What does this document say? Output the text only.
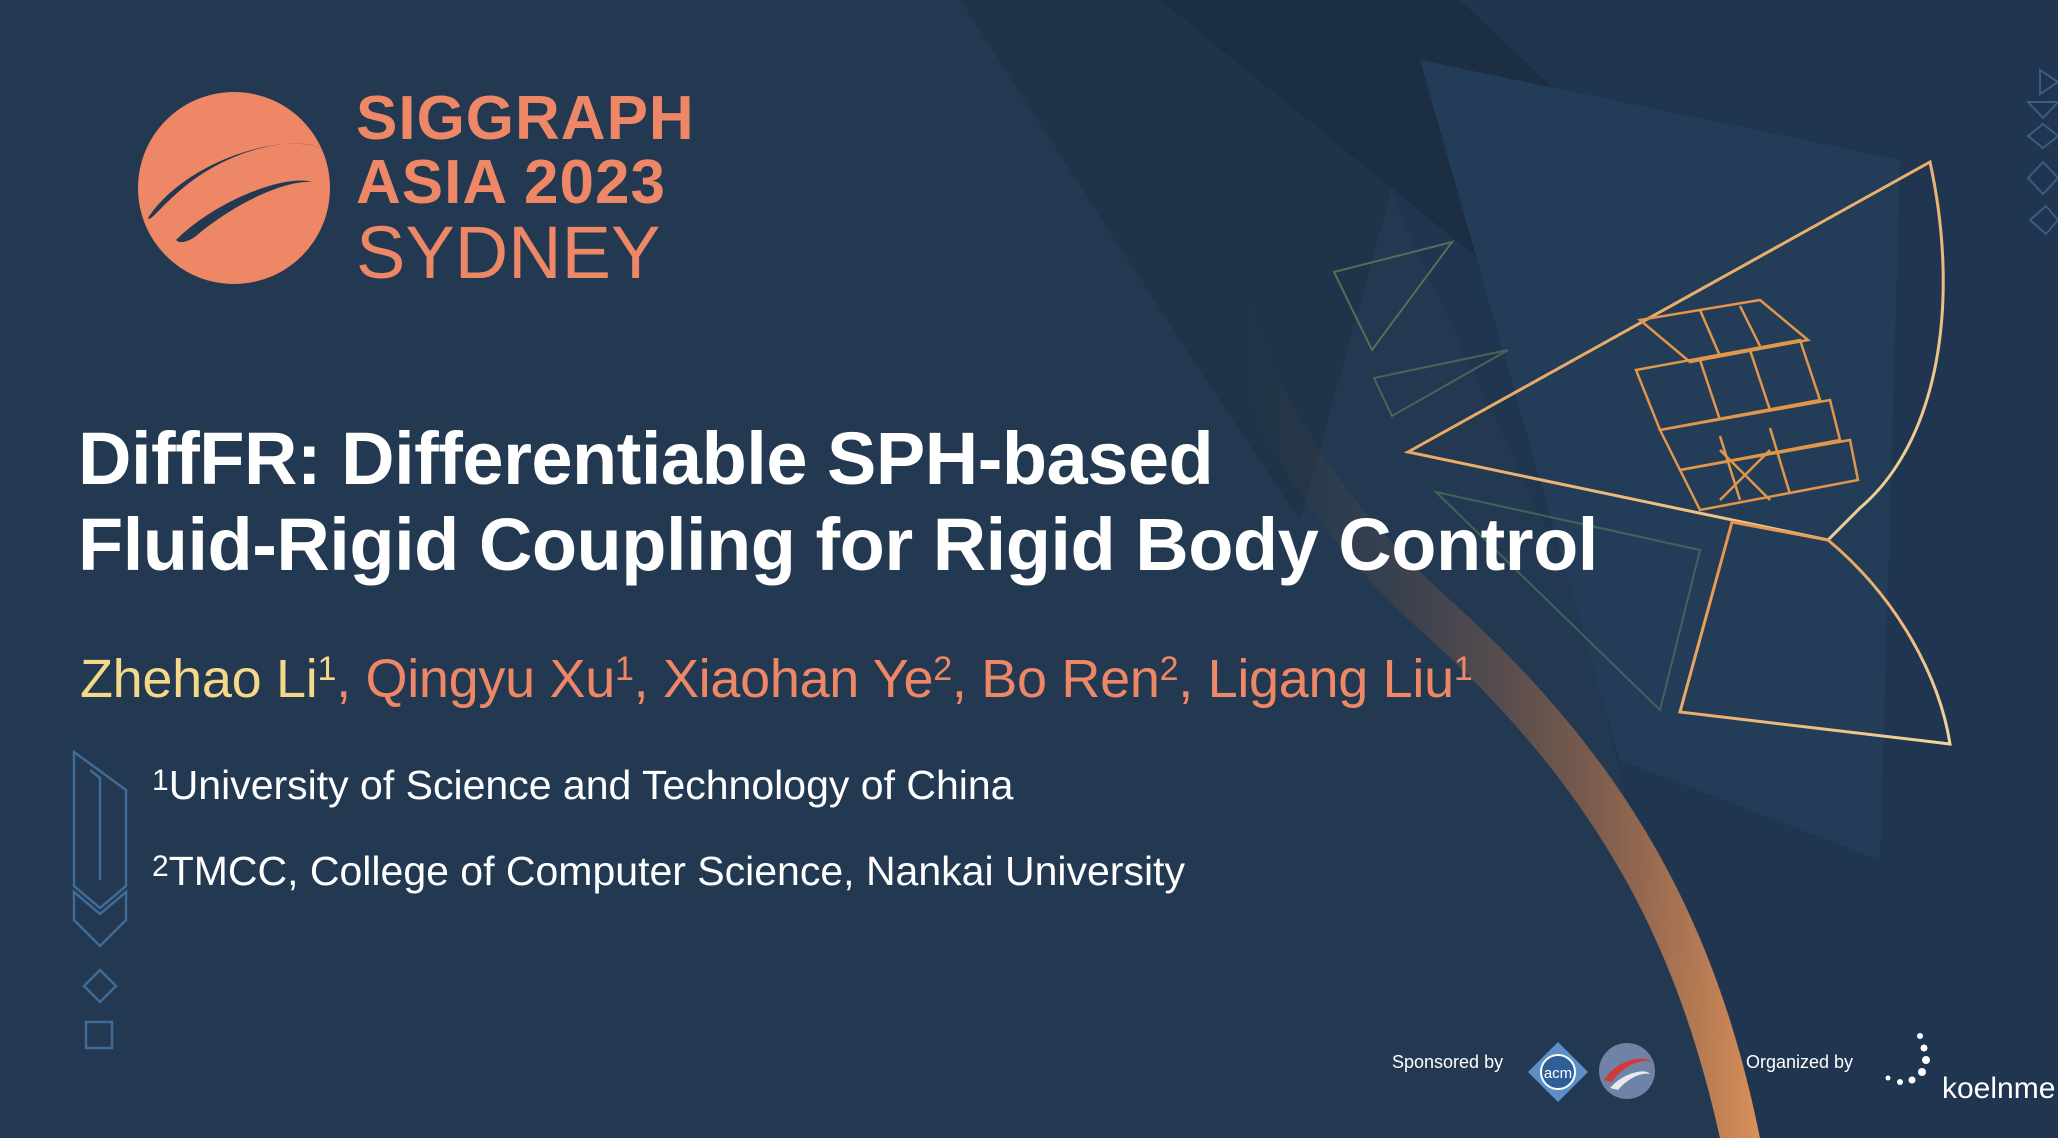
SIGGRAPH
ASIA 2023
SYDNEY
DiffFR: Differentiable SPH-based
Fluid-Rigid Coupling for Rigid Body Control
Zhehao Li$^1$, Qingyu Xu$^1$, Xiaohan Ye$^2$, Bo Ren$^2$, Ligang Liu$^1$
$^1$University of Science and Technology of China
$^2$TMCC, College of Computer Science, Nankai University
Sponsored by
acm
Organized by
koelnme
